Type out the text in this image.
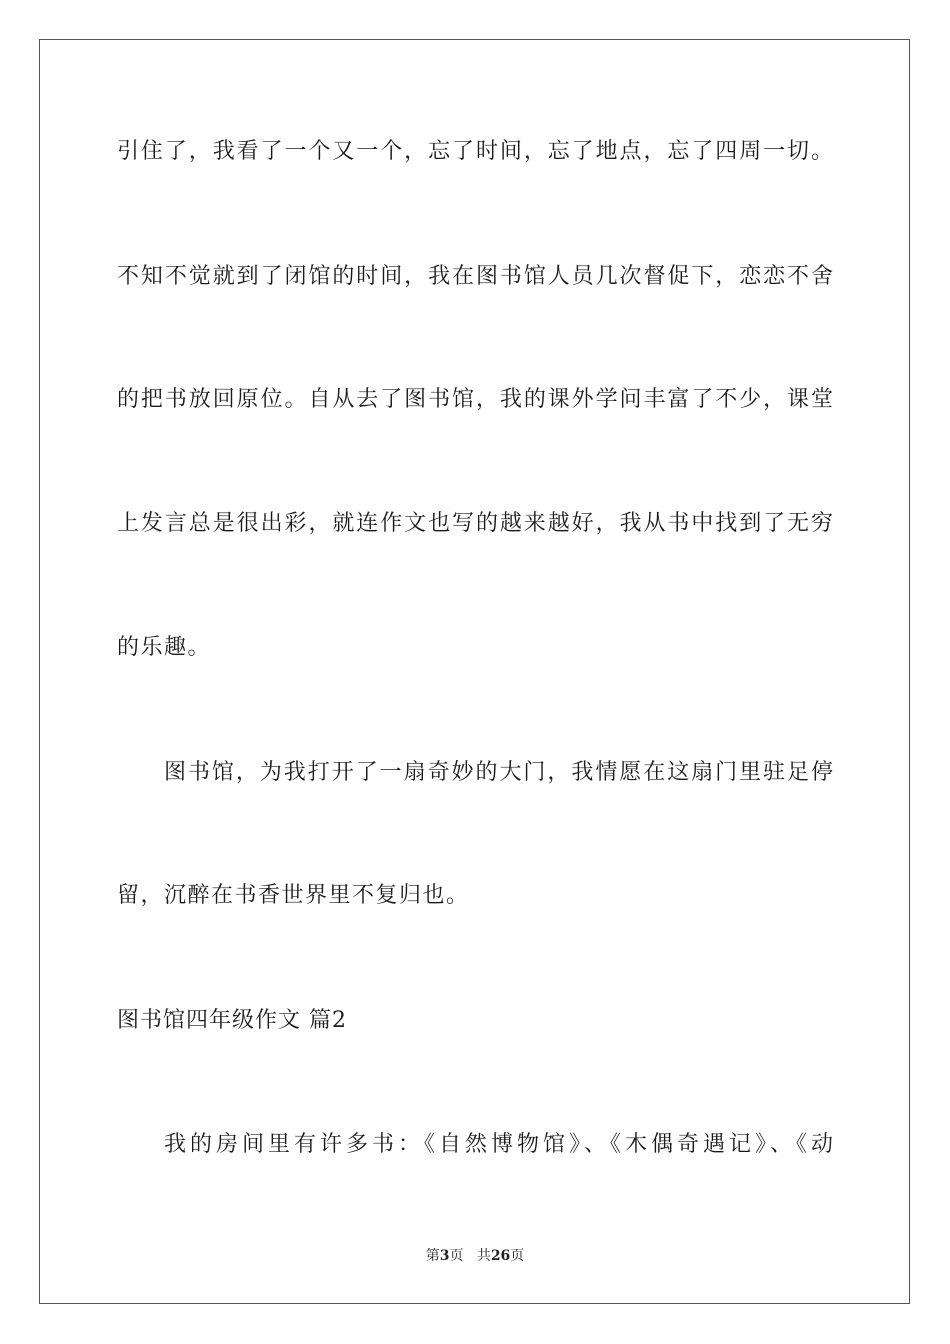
引住了，我看了一个又一个，忘了时间，忘了地点，忘了四周一切。
不知不觉就到了闭馆的时间，我在图书馆人员几次督促下，恋恋不舍
的把书放回原位。自从去了图书馆，我的课外学问丰富了不少，课堂
上发言总是很出彩，就连作文也写的越来越好，我从书中找到了无穷
的乐趣。
图书馆，为我打开了一扇奇妙的大门，我情愿在这扇门里驻足停
留，沉醉在书香世界里不复归也。
图书馆四年级作文 篇2
我的房间里有许多书：《自然博物馆》、《木偶奇遇记》、《动
第3页 共26页
